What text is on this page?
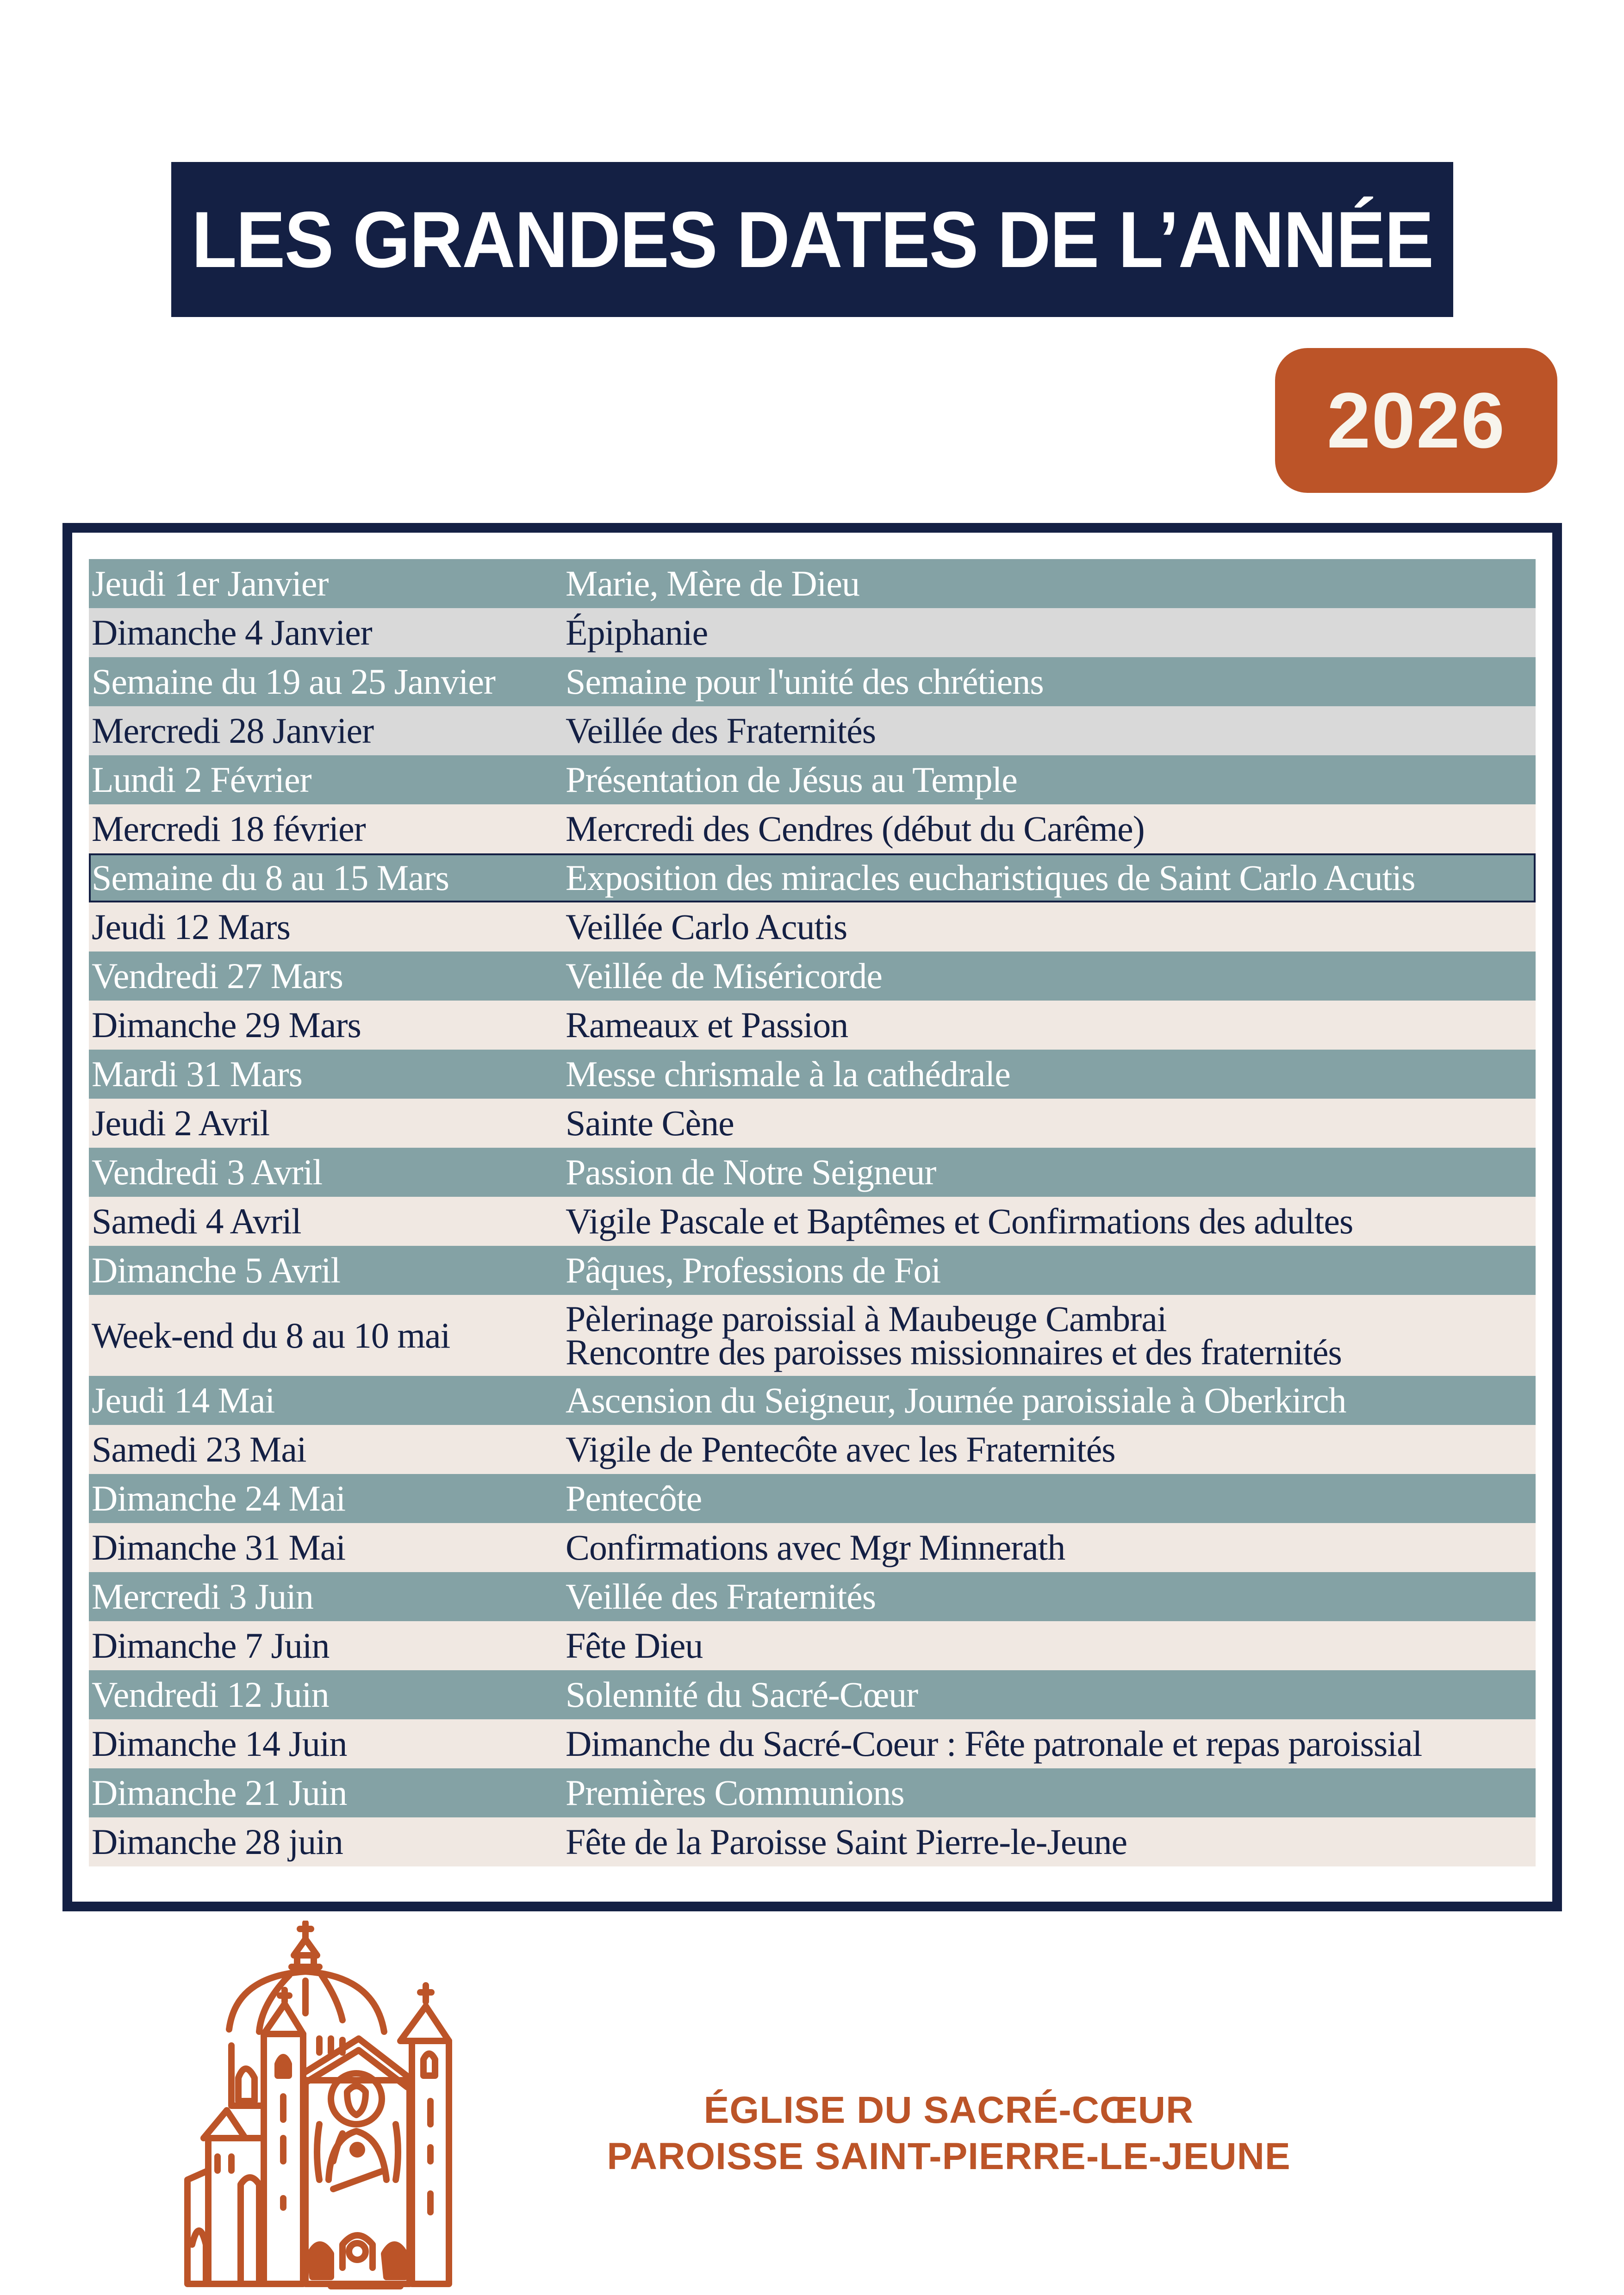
LES GRANDES DATES DE L’ANNÉE
2026
Jeudi 1er Janvier	Marie, Mère de Dieu
Dimanche 4 Janvier	Épiphanie
Semaine du 19 au 25 Janvier	Semaine pour l'unité des chrétiens
Mercredi 28 Janvier	Veillée des Fraternités
Lundi 2 Février	Présentation de Jésus au Temple
Mercredi 18 février	Mercredi des Cendres (début du Carême)
Semaine du 8 au 15 Mars	Exposition des miracles eucharistiques de Saint Carlo Acutis
Jeudi 12 Mars	Veillée Carlo Acutis
Vendredi 27 Mars	Veillée de Miséricorde
Dimanche 29 Mars	Rameaux et Passion
Mardi 31 Mars	Messe chrismale à la cathédrale
Jeudi 2 Avril	Sainte Cène
Vendredi 3 Avril	Passion de Notre Seigneur
Samedi 4 Avril	Vigile Pascale et Baptêmes et Confirmations des adultes
Dimanche 5 Avril	Pâques, Professions de Foi
Week-end du 8 au 10 mai	Pèlerinage paroissial à Maubeuge Cambrai
Rencontre des paroisses missionnaires et des fraternités
Jeudi 14 Mai	Ascension du Seigneur, Journée paroissiale à Oberkirch
Samedi 23 Mai	Vigile de Pentecôte avec les Fraternités
Dimanche 24 Mai	Pentecôte
Dimanche 31 Mai	Confirmations avec Mgr Minnerath
Mercredi 3 Juin	Veillée des Fraternités
Dimanche 7 Juin	Fête Dieu
Vendredi 12 Juin	Solennité du Sacré-Cœur
Dimanche 14 Juin	Dimanche du Sacré-Coeur : Fête patronale et repas paroissial
Dimanche 21 Juin	Premières Communions
Dimanche 28 juin	Fête de la Paroisse Saint Pierre-le-Jeune
ÉGLISE DU SACRÉ-CŒUR
PAROISSE SAINT-PIERRE-LE-JEUNE
